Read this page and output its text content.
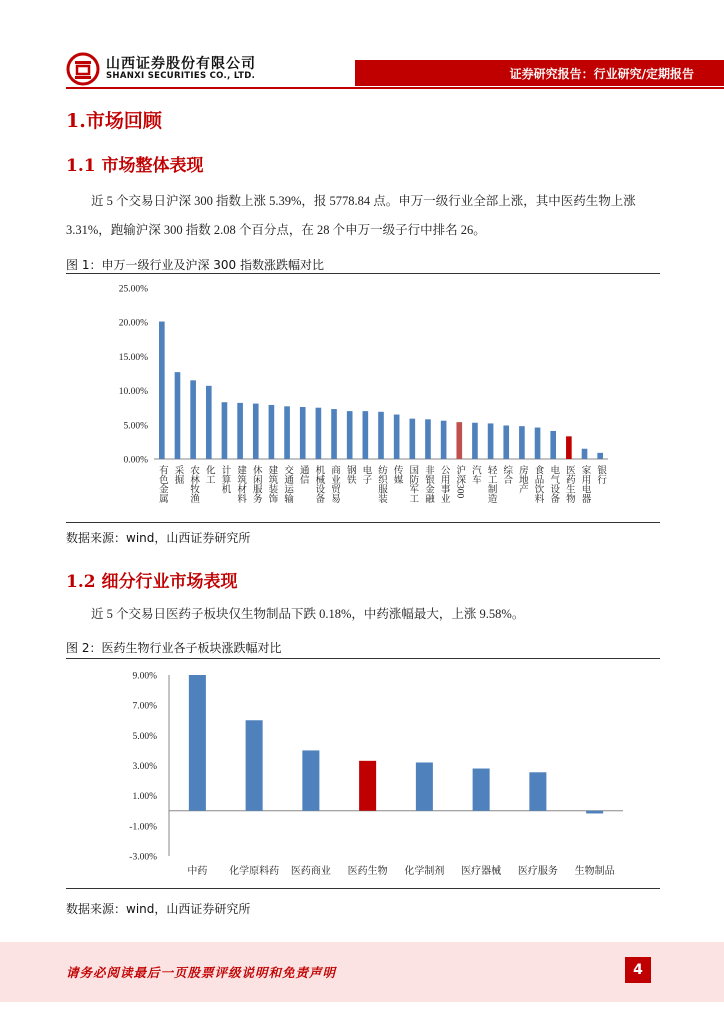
山西证券股份有限公司
SHANXI SECURITIES CO., LTD.	证券研究报告：行业研究/定期报告
1.市场回顾
1.1 市场整体表现
近 5 个交易日沪深 300 指数上涨 5.39%，报 5778.84 点。申万一级行业全部上涨，其中医药生物上涨 3.31%，跑输沪深 300 指数 2.08 个百分点，在 28 个申万一级子行中排名 26。
图 1：申万一级行业及沪深 300 指数涨跌幅对比
0.00%
5.00%
10.00%
15.00%
20.00%
25.00%
有色金属 采掘 农林牧渔 化工 计算机 建筑材料 休闲服务 建筑装饰 交通运输 通信 机械设备 商业贸易 钢铁 电子 纺织服装 传媒 国防军工 非银金融 公用事业 沪深300 汽车 轻工制造 综合 房地产 食品饮料 电气设备 医药生物 家用电器 银行
数据来源：wind，山西证券研究所
1.2 细分行业市场表现
近 5 个交易日医药子板块仅生物制品下跌 0.18%，中药涨幅最大，上涨 9.58%。
图 2：医药生物行业各子板块涨跌幅对比
9.00%
7.00%
5.00%
3.00%
1.00%
-1.00%
-3.00%
中药 化学原料药 医药商业 医药生物 化学制剂 医疗器械 医疗服务 生物制品
数据来源：wind，山西证券研究所
请务必阅读最后一页股票评级说明和免责声明	4
